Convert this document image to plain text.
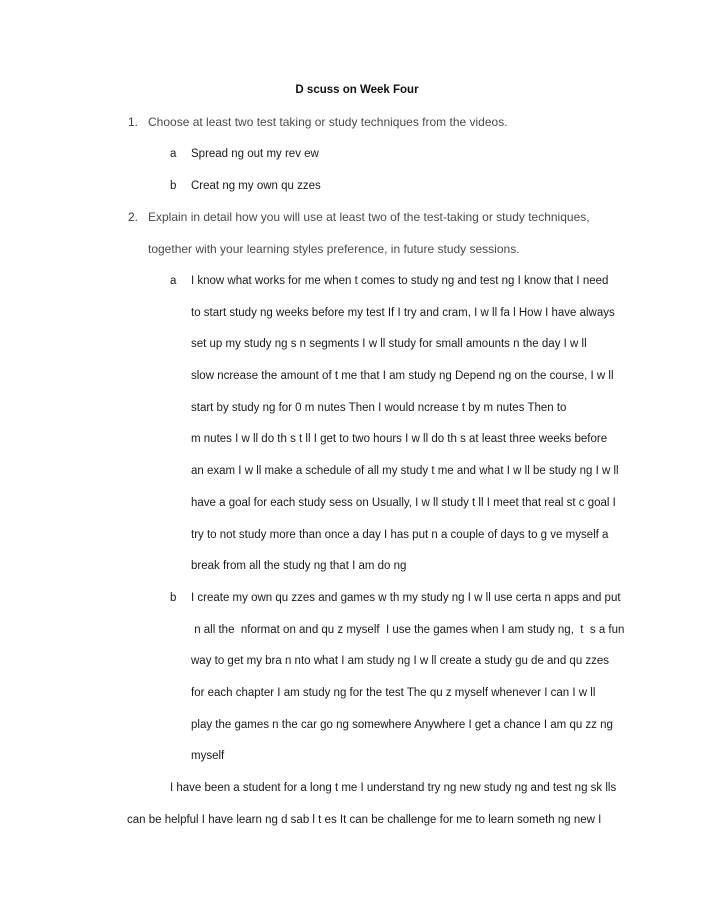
D scuss on Week Four
1. Choose at least two test taking or study techniques from the videos.
a Spread ng out my rev ew
b Creat ng my own qu zzes
2. Explain in detail how you will use at least two of the test-taking or study techniques,
together with your learning styles preference, in future study sessions.
a I know what works for me when t comes to study ng and test ng I know that I need
to start study ng weeks before my test If I try and cram, I w ll fa l How I have always
set up my study ng s n segments I w ll study for small amounts n the day I w ll
slow ncrease the amount of t me that I am study ng Depend ng on the course, I w ll
start by study ng for 0 m nutes Then I would ncrease t by m nutes Then to
m nutes I w ll do th s t ll I get to two hours I w ll do th s at least three weeks before
an exam I w ll make a schedule of all my study t me and what I w ll be study ng I w ll
have a goal for each study sess on Usually, I w ll study t ll I meet that real st c goal I
try to not study more than once a day I has put n a couple of days to g ve myself a
break from all the study ng that I am do ng
b I create my own qu zzes and games w th my study ng I w ll use certa n apps and put
n all the  nformat on and qu z myself  I use the games when I am study ng,  t  s a fun
way to get my bra n nto what I am study ng I w ll create a study gu de and qu zzes
for each chapter I am study ng for the test The qu z myself whenever I can I w ll
play the games n the car go ng somewhere Anywhere I get a chance I am qu zz ng
myself
I have been a student for a long t me I understand try ng new study ng and test ng sk lls
can be helpful I have learn ng d sab l t es It can be challenge for me to learn someth ng new I
